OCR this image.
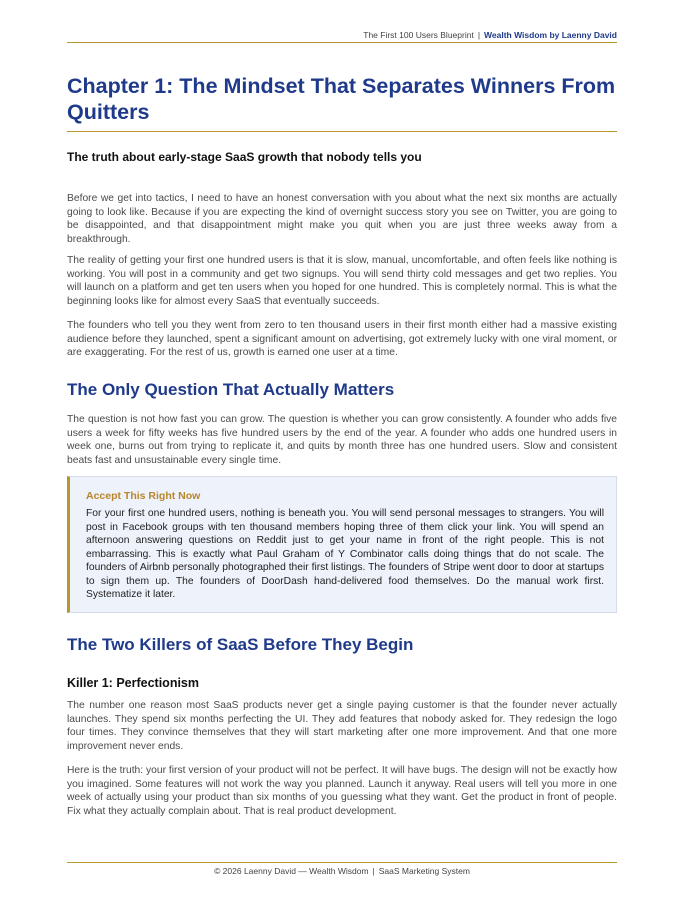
The First 100 Users Blueprint | Wealth Wisdom by Laenny David
Chapter 1: The Mindset That Separates Winners From Quitters
The truth about early-stage SaaS growth that nobody tells you

Before we get into tactics, I need to have an honest conversation with you about what the next six months are actually going to look like. Because if you are expecting the kind of overnight success story you see on Twitter, you are going to be disappointed, and that disappointment might make you quit when you are just three weeks away from a breakthrough.

The reality of getting your first one hundred users is that it is slow, manual, uncomfortable, and often feels like nothing is working. You will post in a community and get two signups. You will send thirty cold messages and get two replies. You will launch on a platform and get ten users when you hoped for one hundred. This is completely normal. This is what the beginning looks like for almost every SaaS that eventually succeeds.

The founders who tell you they went from zero to ten thousand users in their first month either had a massive existing audience before they launched, spent a significant amount on advertising, got extremely lucky with one viral moment, or are exaggerating. For the rest of us, growth is earned one user at a time.

The Only Question That Actually Matters

The question is not how fast you can grow. The question is whether you can grow consistently. A founder who adds five users a week for fifty weeks has five hundred users by the end of the year. A founder who adds one hundred users in week one, burns out from trying to replicate it, and quits by month three has one hundred users. Slow and consistent beats fast and unsustainable every single time.

Accept This Right Now

For your first one hundred users, nothing is beneath you. You will send personal messages to strangers. You will post in Facebook groups with ten thousand members hoping three of them click your link. You will spend an afternoon answering questions on Reddit just to get your name in front of the right people. This is not embarrassing. This is exactly what Paul Graham of Y Combinator calls doing things that do not scale. The founders of Airbnb personally photographed their first listings. The founders of Stripe went door to door at startups to sign them up. The founders of DoorDash hand-delivered food themselves. Do the manual work first. Systematize it later.

The Two Killers of SaaS Before They Begin
Killer 1: Perfectionism

The number one reason most SaaS products never get a single paying customer is that the founder never actually launches. They spend six months perfecting the UI. They add features that nobody asked for. They redesign the logo four times. They convince themselves that they will start marketing after one more improvement. And that one more improvement never ends.

Here is the truth: your first version of your product will not be perfect. It will have bugs. The design will not be exactly how you imagined. Some features will not work the way you planned. Launch it anyway. Real users will tell you more in one week of actually using your product than six months of you guessing what they want. Get the product in front of people. Fix what they actually complain about. That is real product development.

© 2026 Laenny David — Wealth Wisdom | SaaS Marketing System
